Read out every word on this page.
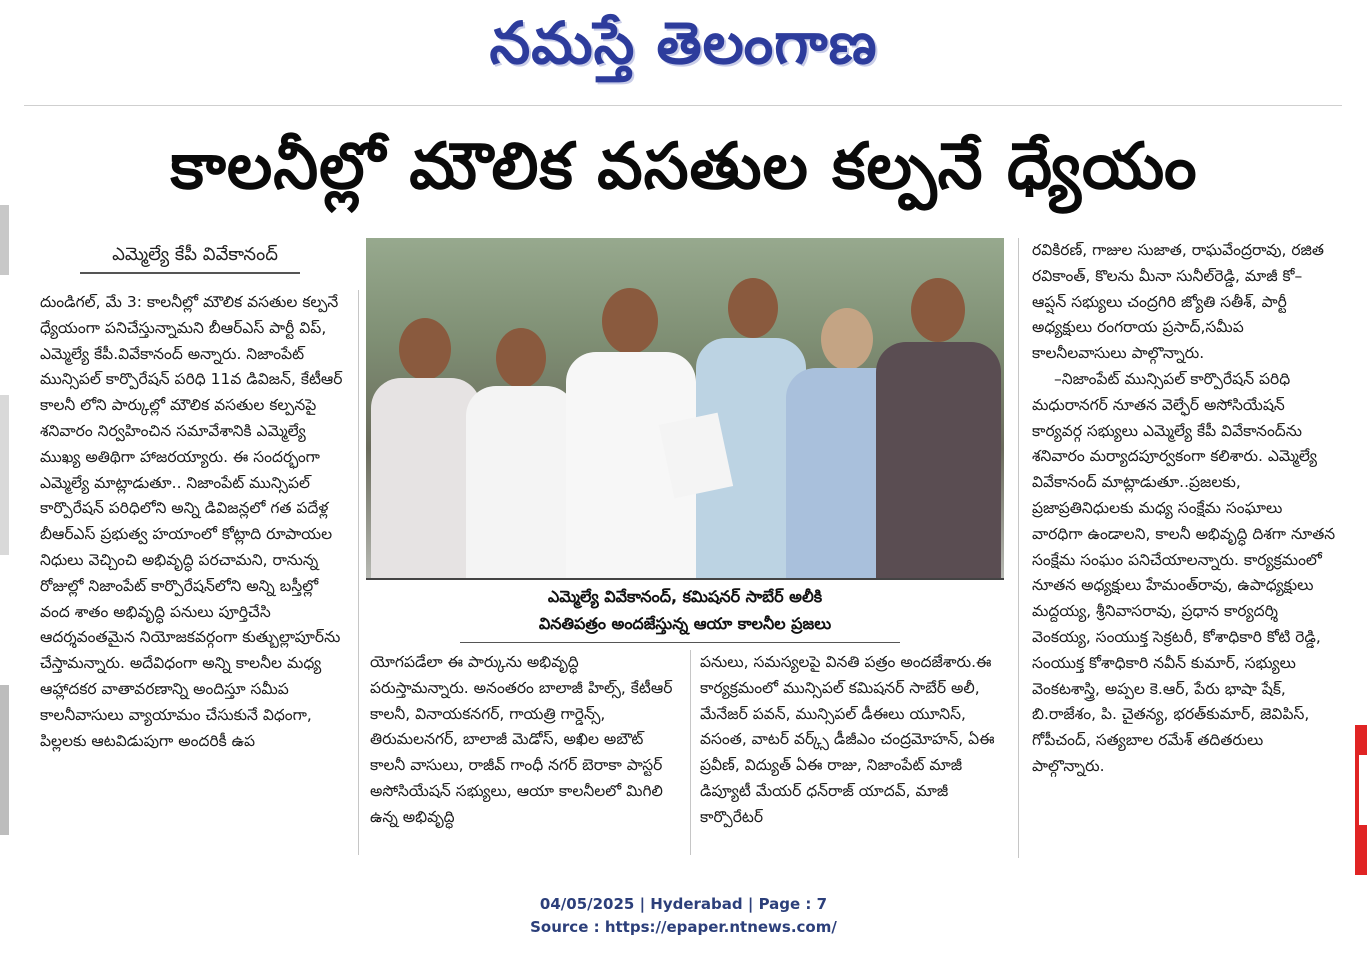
నమస్తే తెలంగాణ
కాలనీల్లో మౌలిక వసతుల కల్పనే ధ్యేయం
ఎమ్మెల్యే కేపీ వివేకానంద్

దుండిగల్, మే 3: కాలనీల్లో మౌలిక వసతుల కల్పనే ధ్యేయంగా పనిచేస్తున్నామని బీఆర్ఎస్ పార్టీ విప్, ఎమ్మెల్యే కేపీ.వివేకానంద్ అన్నారు. నిజాంపేట్ మున్సిపల్ కార్పొరేషన్ పరిధి 11వ డివిజన్, కేటీఆర్ కాలనీ లోని పార్కుల్లో మౌలిక వసతుల కల్పనపై శనివారం నిర్వహించిన సమావేశానికి ఎమ్మెల్యే ముఖ్య అతిథిగా హాజరయ్యారు. ఈ సందర్భంగా ఎమ్మెల్యే మాట్లాడుతూ.. నిజాంపేట్ మున్సిపల్ కార్పొరేషన్ పరిధిలోని అన్ని డివిజన్లలో గత పదేళ్ల బీఆర్ఎస్ ప్రభుత్వ హయాంలో కోట్లాది రూపాయల నిధులు వెచ్చించి అభివృద్ధి పరచామని, రానున్న రోజుల్లో నిజాంపేట్ కార్పొరేషన్‌లోని అన్ని బస్తీల్లో వంద శాతం అభివృద్ధి పనులు పూర్తిచేసి ఆదర్శవంతమైన నియోజకవర్గంగా కుత్బుల్లాపూర్‌ను చేస్తామన్నారు. అదేవిధంగా అన్ని కాలనీల మధ్య ఆహ్లాదకర వాతావరణాన్ని అందిస్తూ సమీప కాలనీవాసులు వ్యాయామం చేసుకునే విధంగా, పిల్లలకు ఆటవిడుపుగా అందరికీ ఉప

ఎమ్మెల్యే వివేకానంద్, కమిషనర్ సాబేర్ అలీకి
వినతిపత్రం అందజేస్తున్న ఆయా కాలనీల ప్రజలు

యోగపడేలా ఈ పార్కును అభివృద్ధి పరుస్తామన్నారు. అనంతరం బాలాజీ హిల్స్, కేటీఆర్ కాలనీ, వినాయకనగర్, గాయత్రి గార్డెన్స్, తిరుమలనగర్, బాలాజీ మెడోస్, అఖిల అబౌట్ కాలనీ వాసులు, రాజీవ్ గాంధీ నగర్ బెరాకా పాస్టర్ అసోసియేషన్ సభ్యులు, ఆయా కాలనీలలో మిగిలి ఉన్న అభివృద్ధి

పనులు, సమస్యలపై వినతి పత్రం అందజేశారు.ఈ కార్యక్రమంలో మున్సిపల్ కమిషనర్ సాబేర్ అలీ, మేనేజర్ పవన్, మున్సిపల్ డీఈలు యూనిస్, వసంత, వాటర్ వర్క్స్ డీజీఎం చంద్రమోహన్, ఏఈ ప్రవీణ్, విద్యుత్ ఏఈ రాజు, నిజాంపేట్ మాజీ డిప్యూటీ మేయర్ ధన్‌రాజ్ యాదవ్, మాజీ కార్పొరేటర్

రవికిరణ్, గాజుల సుజాత, రాఘవేంద్రరావు, రజిత రవికాంత్, కొలను మీనా సునీల్‌రెడ్డి, మాజీ కో–ఆప్షన్ సభ్యులు చంద్రగిరి జ్యోతి సతీశ్, పార్టీ అధ్యక్షులు రంగరాయ ప్రసాద్,సమీప కాలనీలవాసులు పాల్గొన్నారు.

–నిజాంపేట్ మున్సిపల్ కార్పొరేషన్ పరిధి మధురానగర్ నూతన వెల్ఫేర్ అసోసియేషన్ కార్యవర్గ సభ్యులు ఎమ్మెల్యే కేపీ వివేకానంద్‌ను శనివారం మర్యాదపూర్వకంగా కలిశారు. ఎమ్మెల్యే వివేకానంద్ మాట్లాడుతూ..ప్రజలకు, ప్రజాప్రతినిధులకు మధ్య సంక్షేమ సంఘాలు వారధిగా ఉండాలని, కాలనీ అభివృద్ధి దిశగా నూతన సంక్షేమ సంఘం పనిచేయాలన్నారు. కార్యక్రమంలో నూతన అధ్యక్షులు హేమంత్‌రావు, ఉపాధ్యక్షులు మద్దయ్య, శ్రీనివాసరావు, ప్రధాన కార్యదర్శి వెంకయ్య, సంయుక్త సెక్రటరీ, కోశాధికారి కోటి రెడ్డి, సంయుక్త కోశాధికారి నవీన్ కుమార్, సభ్యులు వెంకటశాస్త్రి, అప్పల కె.ఆర్, పేరు భాషా షేక్, బి.రాజేశం, పి. చైతన్య, భరత్‌కుమార్, జెవిపిస్, గోపీచంద్, సత్యబాల రమేశ్ తదితరులు పాల్గొన్నారు.

04/05/2025 | Hyderabad | Page : 7
Source : https://epaper.ntnews.com/
